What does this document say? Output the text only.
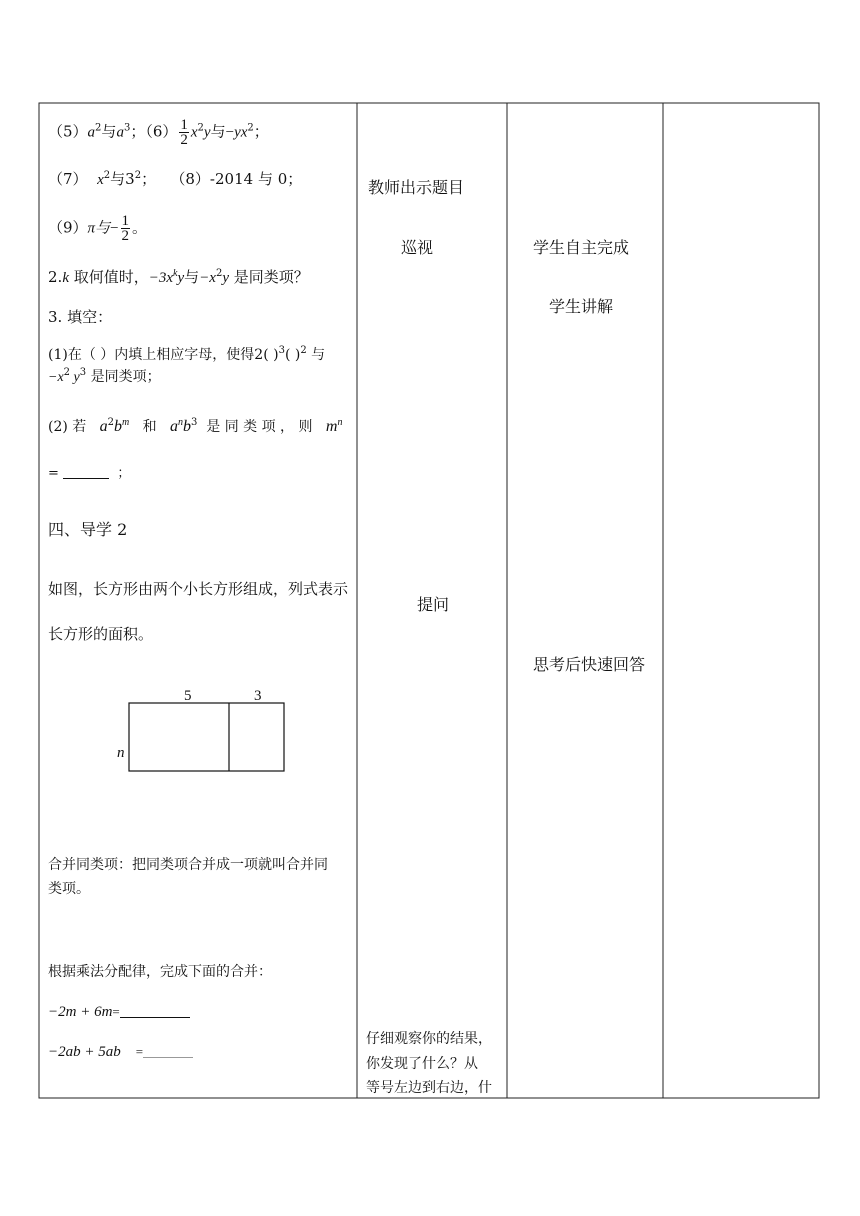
$(5)a^2$与$a^3$；$(6) \frac{1}{2} x^2y$与$-yx^2$；
（7） $x^2$与$3^2$； （8）-2014 与 0；
（9）π与− $\frac{1}{2}$ 。
2.k 取何值时，$-3x^ky$与$-x^2y$ 是同类项？
3. 填空：
(1)在（ ）内填上相应字母，使得2( )$^3$( )$^2$ 与
$-x^2$ $y^3$ 是同类项；
(2) 若 $a^2b^m$ 和 $a^nb^3$ 是 同 类 项 ， 则 $m^n$
=	；
四、导学 2
如图，长方形由两个小长方形组成，列式表示
长方形的面积。
5	3
n
合并同类项：把同类项合并成一项就叫合并同
类项。
根据乘法分配律，完成下面的合并：
−2m + 6m=
−2ab + 5ab =
教师出示题目
巡视
提问
仔细观察你的结果，
你发现了什么？从
等号左边到右边，什
学生自主完成
学生讲解
思考后快速回答
